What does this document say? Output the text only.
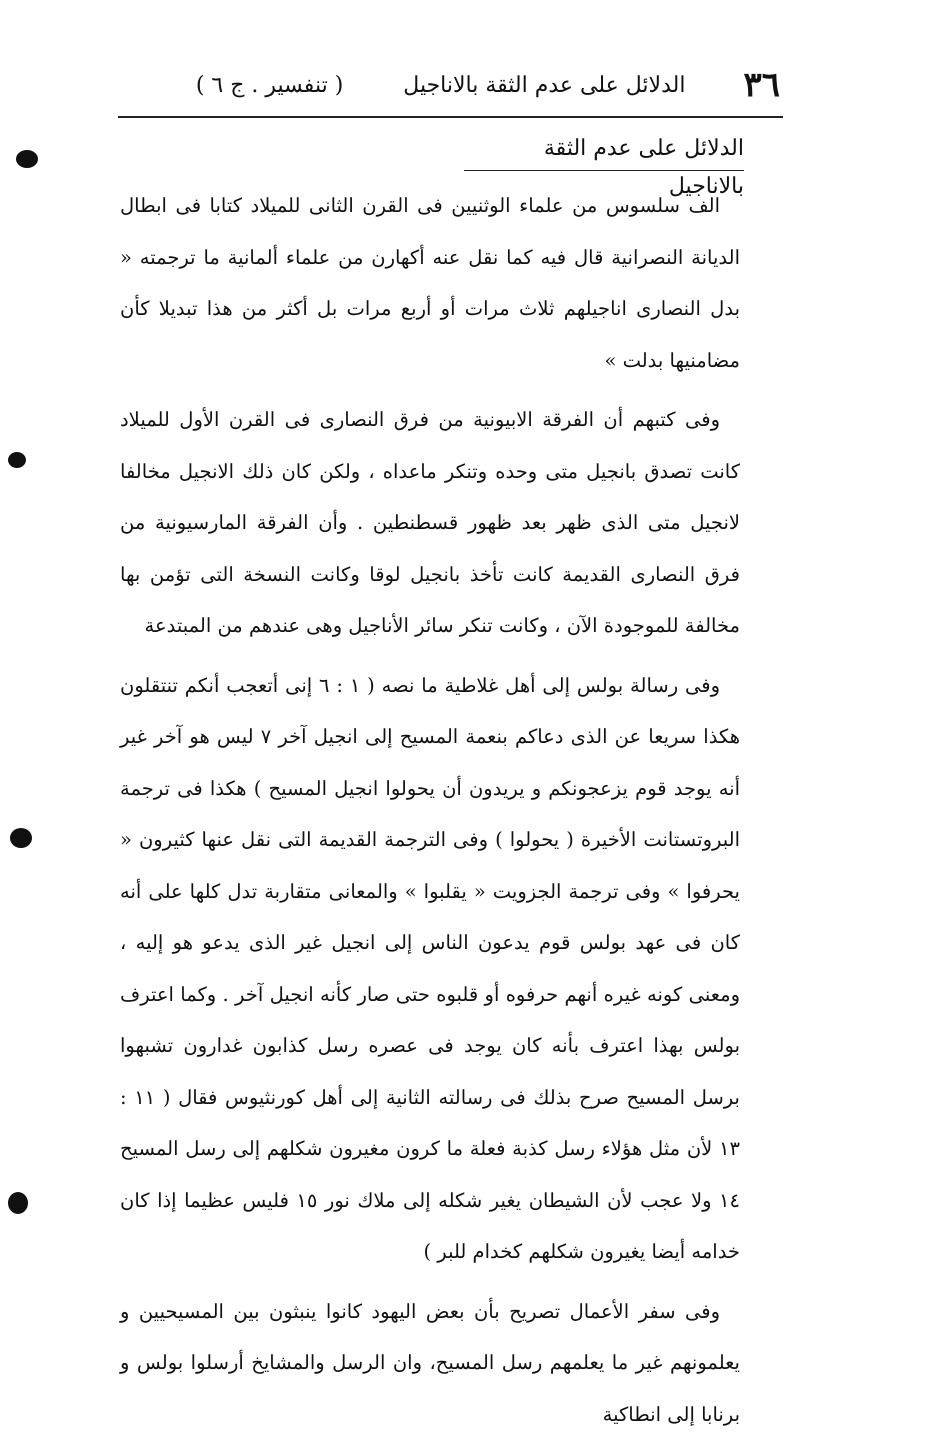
٣٦
الدلائل على عدم الثقة بالاناجيل
( تنفسير . ج ٦ )
الدلائل على عدم الثقة بالاناجيل

الف سلسوس من علماء الوثنيين فى القرن الثانى للميلاد كتابا فى ابطال الديانة النصرانية قال فيه كما نقل عنه أكهارن من علماء ألمانية ما ترجمته « بدل النصارى اناجيلهم ثلاث مرات أو أربع مرات بل أكثر من هذا تبديلا كأن مضامنيها بدلت »

وفى كتبهم أن الفرقة الابيونية من فرق النصارى فى القرن الأول للميلاد كانت تصدق بانجيل متى وحده وتنكر ماعداه ، ولكن كان ذلك الانجيل مخالفا لانجيل متى الذى ظهر بعد ظهور قسطنطين . وأن الفرقة المارسيونية من فرق النصارى القديمة كانت تأخذ بانجيل لوقا وكانت النسخة التى تؤمن بها مخالفة للموجودة الآن ، وكانت تنكر سائر الأناجيل وهى عندهم من المبتدعة

وفى رسالة بولس إلى أهل غلاطية ما نصه ( ١ : ٦ إنى أتعجب أنكم تنتقلون هكذا سريعا عن الذى دعاكم بنعمة المسيح إلى انجيل آخر ٧ ليس هو آخر غير أنه يوجد قوم يزعجونكم و يريدون أن يحولوا انجيل المسيح ) هكذا فى ترجمة البروتستانت الأخيرة ( يحولوا ) وفى الترجمة القديمة التى نقل عنها كثيرون « يحرفوا » وفى ترجمة الجزويت « يقلبوا » والمعانى متقاربة تدل كلها على أنه كان فى عهد بولس قوم يدعون الناس إلى انجيل غير الذى يدعو هو إليه ، ومعنى كونه غيره أنهم حرفوه أو قلبوه حتى صار كأنه انجيل آخر . وكما اعترف بولس بهذا اعترف بأنه كان يوجد فى عصره رسل كذابون غدارون تشبهوا برسل المسيح صرح بذلك فى رسالته الثانية إلى أهل كورنثيوس فقال ( ١١ : ١٣ لأن مثل هؤلاء رسل كذبة فعلة ما كرون مغيرون شكلهم إلى رسل المسيح ١٤ ولا عجب لأن الشيطان يغير شكله إلى ملاك نور ١٥ فليس عظيما إذا كان خدامه أيضا يغيرون شكلهم كخدام للبر )

وفى سفر الأعمال تصريح بأن بعض اليهود كانوا ينبثون بين المسيحيين و يعلمونهم غير ما يعلمهم رسل المسيح، وان الرسل والمشايخ أرسلوا بولس و برنابا إلى انطاكية
